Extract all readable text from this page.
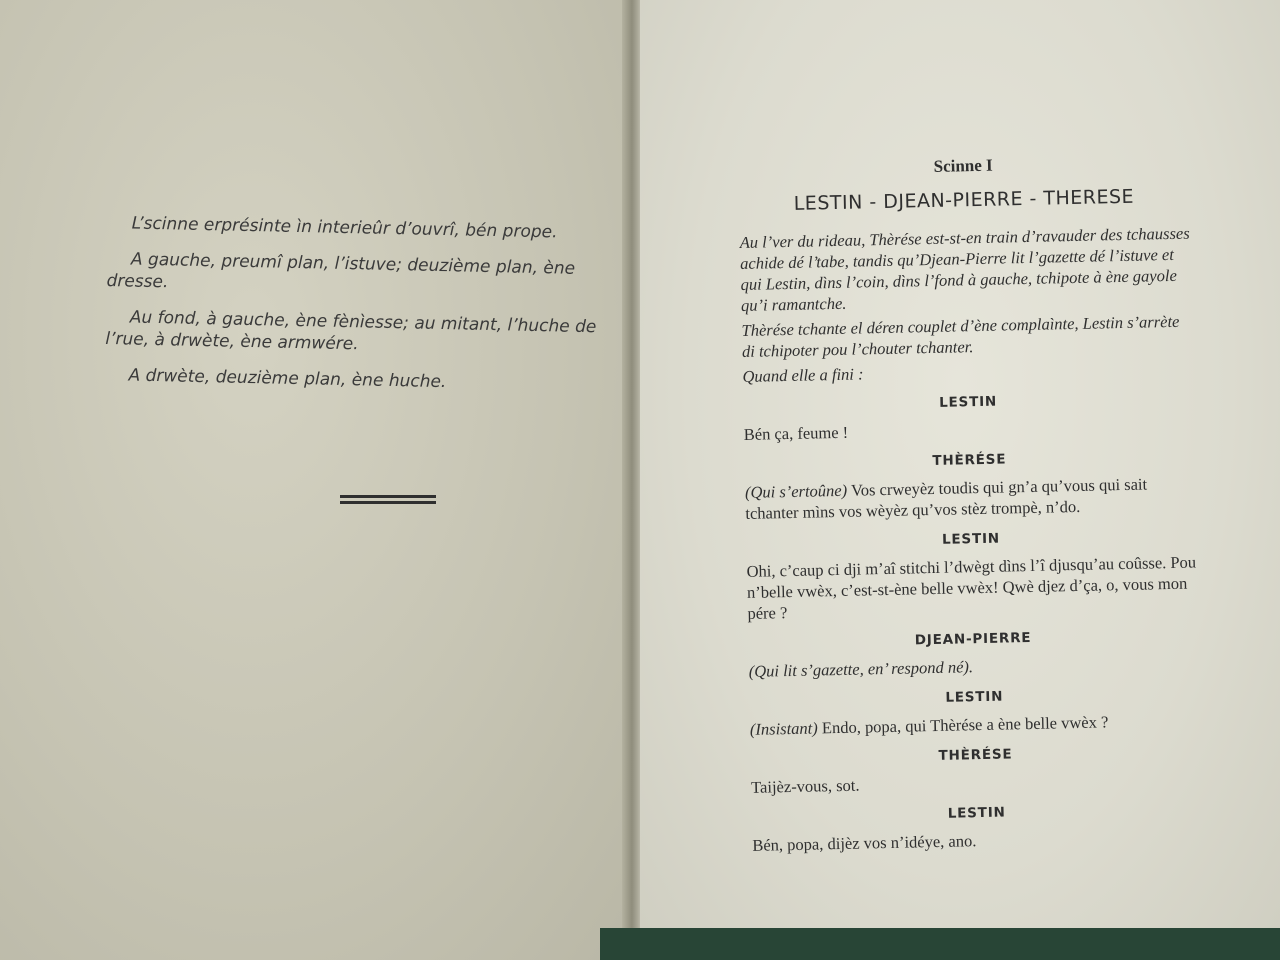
L’scinne erprésinte ìn interieûr d’ouvrî, bén prope.

A gauche, preumî plan, l’istuve; deuzième plan, ène dresse.

Au fond, à gauche, ène fènìesse; au mitant, l’huche de l’rue, à drwète, ène armwére.

A drwète, deuzième plan, ène huche.

Scinne I
LESTIN - DJEAN-PIERRE - THERESE

Au l’ver du rideau, Thèrése est-st-en train d’ravauder des tchausses achide dé l’tabe, tandis qu’Djean-Pierre lit l’gazette dé l’istuve et qui Lestin, dìns l’coin, dìns l’fond à gauche, tchipote à ène gayole qu’i ramantche.

Thèrése tchante el déren couplet d’ène complaìnte, Lestin s’arrète di tchipoter pou l’chouter tchanter.

Quand elle a fini :

LESTIN

Bén ça, feume !

THÈRÉSE

(Qui s’ertoûne) Vos crweyèz toudis qui gn’a qu’vous qui sait tchanter mìns vos wèyèz qu’vos stèz trompè, n’do.

LESTIN

Ohi, c’caup ci dji m’aî stitchi l’dwègt dìns l’î djusqu’au coûsse. Pou n’belle vwèx, c’est-st-ène belle vwèx! Qwè djez d’ça, o, vous mon pére ?

DJEAN-PIERRE

(Qui lit s’gazette, en’ respond né).

LESTIN

(Insistant) Endo, popa, qui Thèrése a ène belle vwèx ?

THÈRÉSE

Taijèz-vous, sot.

LESTIN

Bén, popa, dijèz vos n’idéye, ano.
